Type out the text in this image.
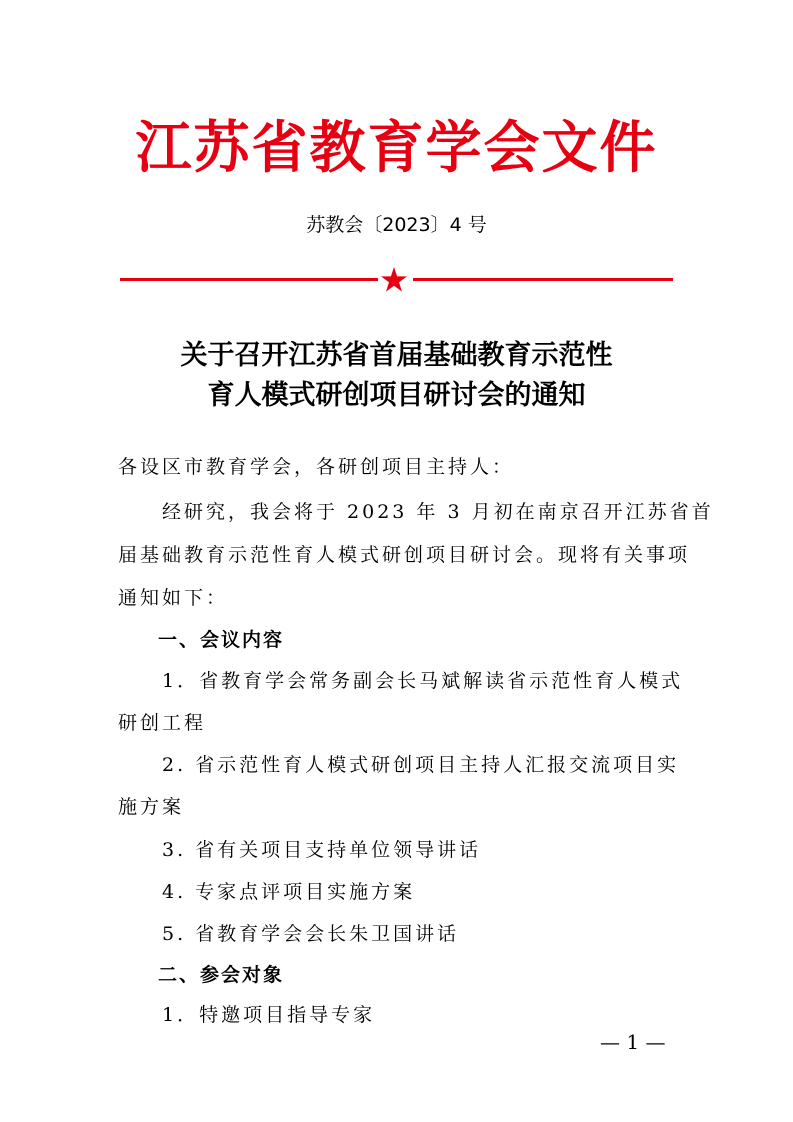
江苏省教育学会文件
苏教会〔2023〕4 号
关于召开江苏省首届基础教育示范性
育人模式研创项目研讨会的通知
各设区市教育学会，各研创项目主持人：
　　经研究，我会将于 2023 年 3 月初在南京召开江苏省首
届基础教育示范性育人模式研创项目研讨会。现将有关事项
通知如下：
一、会议内容
　　1．省教育学会常务副会长马斌解读省示范性育人模式
研创工程
　　2. 省示范性育人模式研创项目主持人汇报交流项目实
施方案
　　3. 省有关项目支持单位领导讲话
　　4. 专家点评项目实施方案
　　5. 省教育学会会长朱卫国讲话
二、参会对象
　　1．特邀项目指导专家
— 1 —
